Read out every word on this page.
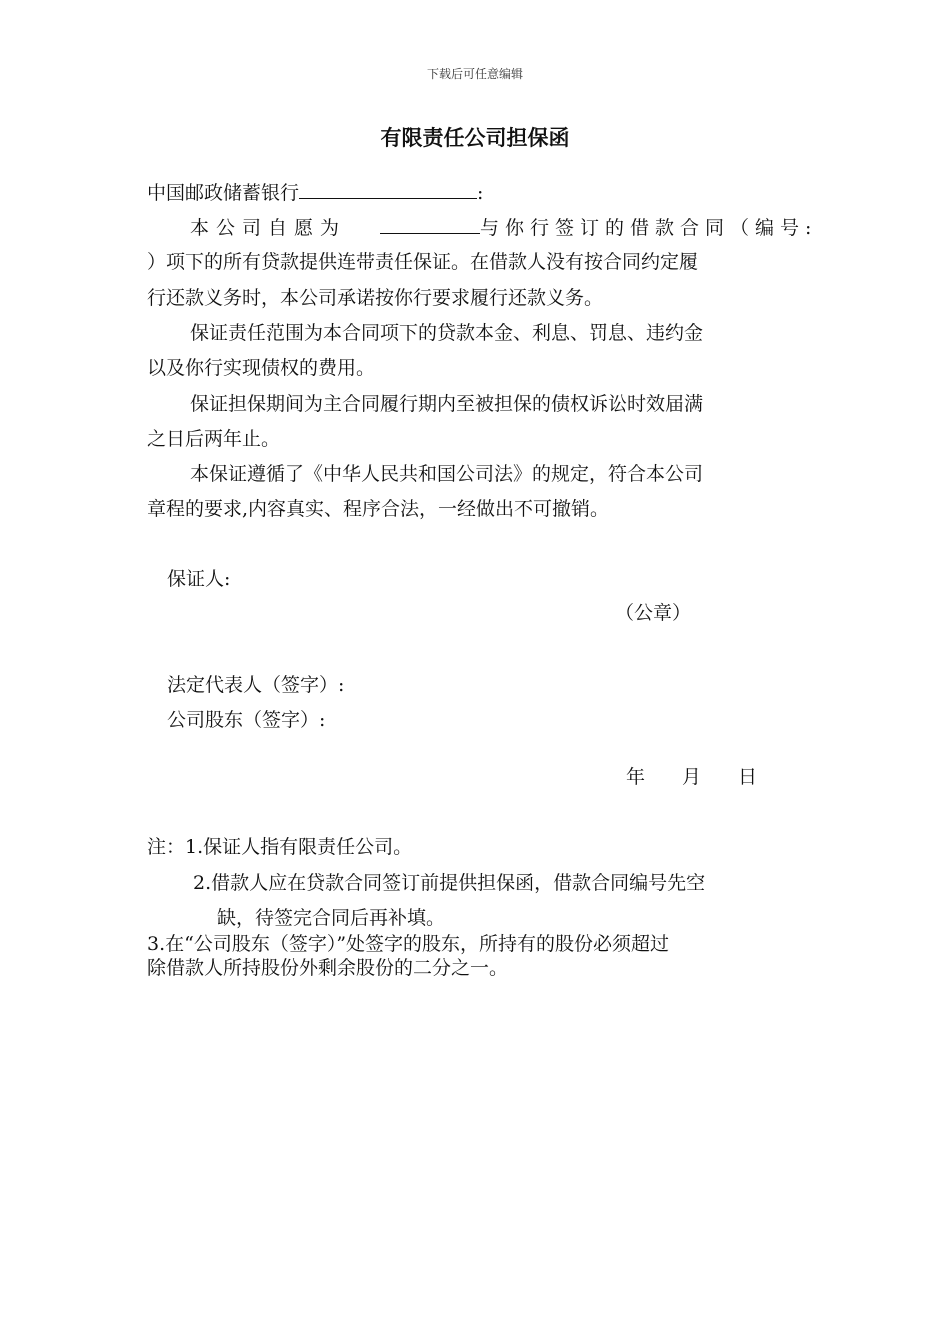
下载后可任意编辑
有限责任公司担保函
中国邮政储蓄银行	:
本公司自愿为	与你行签订的借款合同（编号:
）项下的所有贷款提供连带责任保证。在借款人没有按合同约定履
行还款义务时，本公司承诺按你行要求履行还款义务。
保证责任范围为本合同项下的贷款本金、利息、罚息、违约金
以及你行实现债权的费用。
保证担保期间为主合同履行期内至被担保的债权诉讼时效届满
之日后两年止。
本保证遵循了《中华人民共和国公司法》的规定，符合本公司
章程的要求,内容真实、程序合法，一经做出不可撤销。
保证人:
（公章）
法定代表人（签字）:
公司股东（签字）:
年 月 日
注：1.保证人指有限责任公司。
2.借款人应在贷款合同签订前提供担保函，借款合同编号先空
缺，待签完合同后再补填。
3.在“公司股东（签字）”处签字的股东，所持有的股份必须超过
除借款人所持股份外剩余股份的二分之一。
